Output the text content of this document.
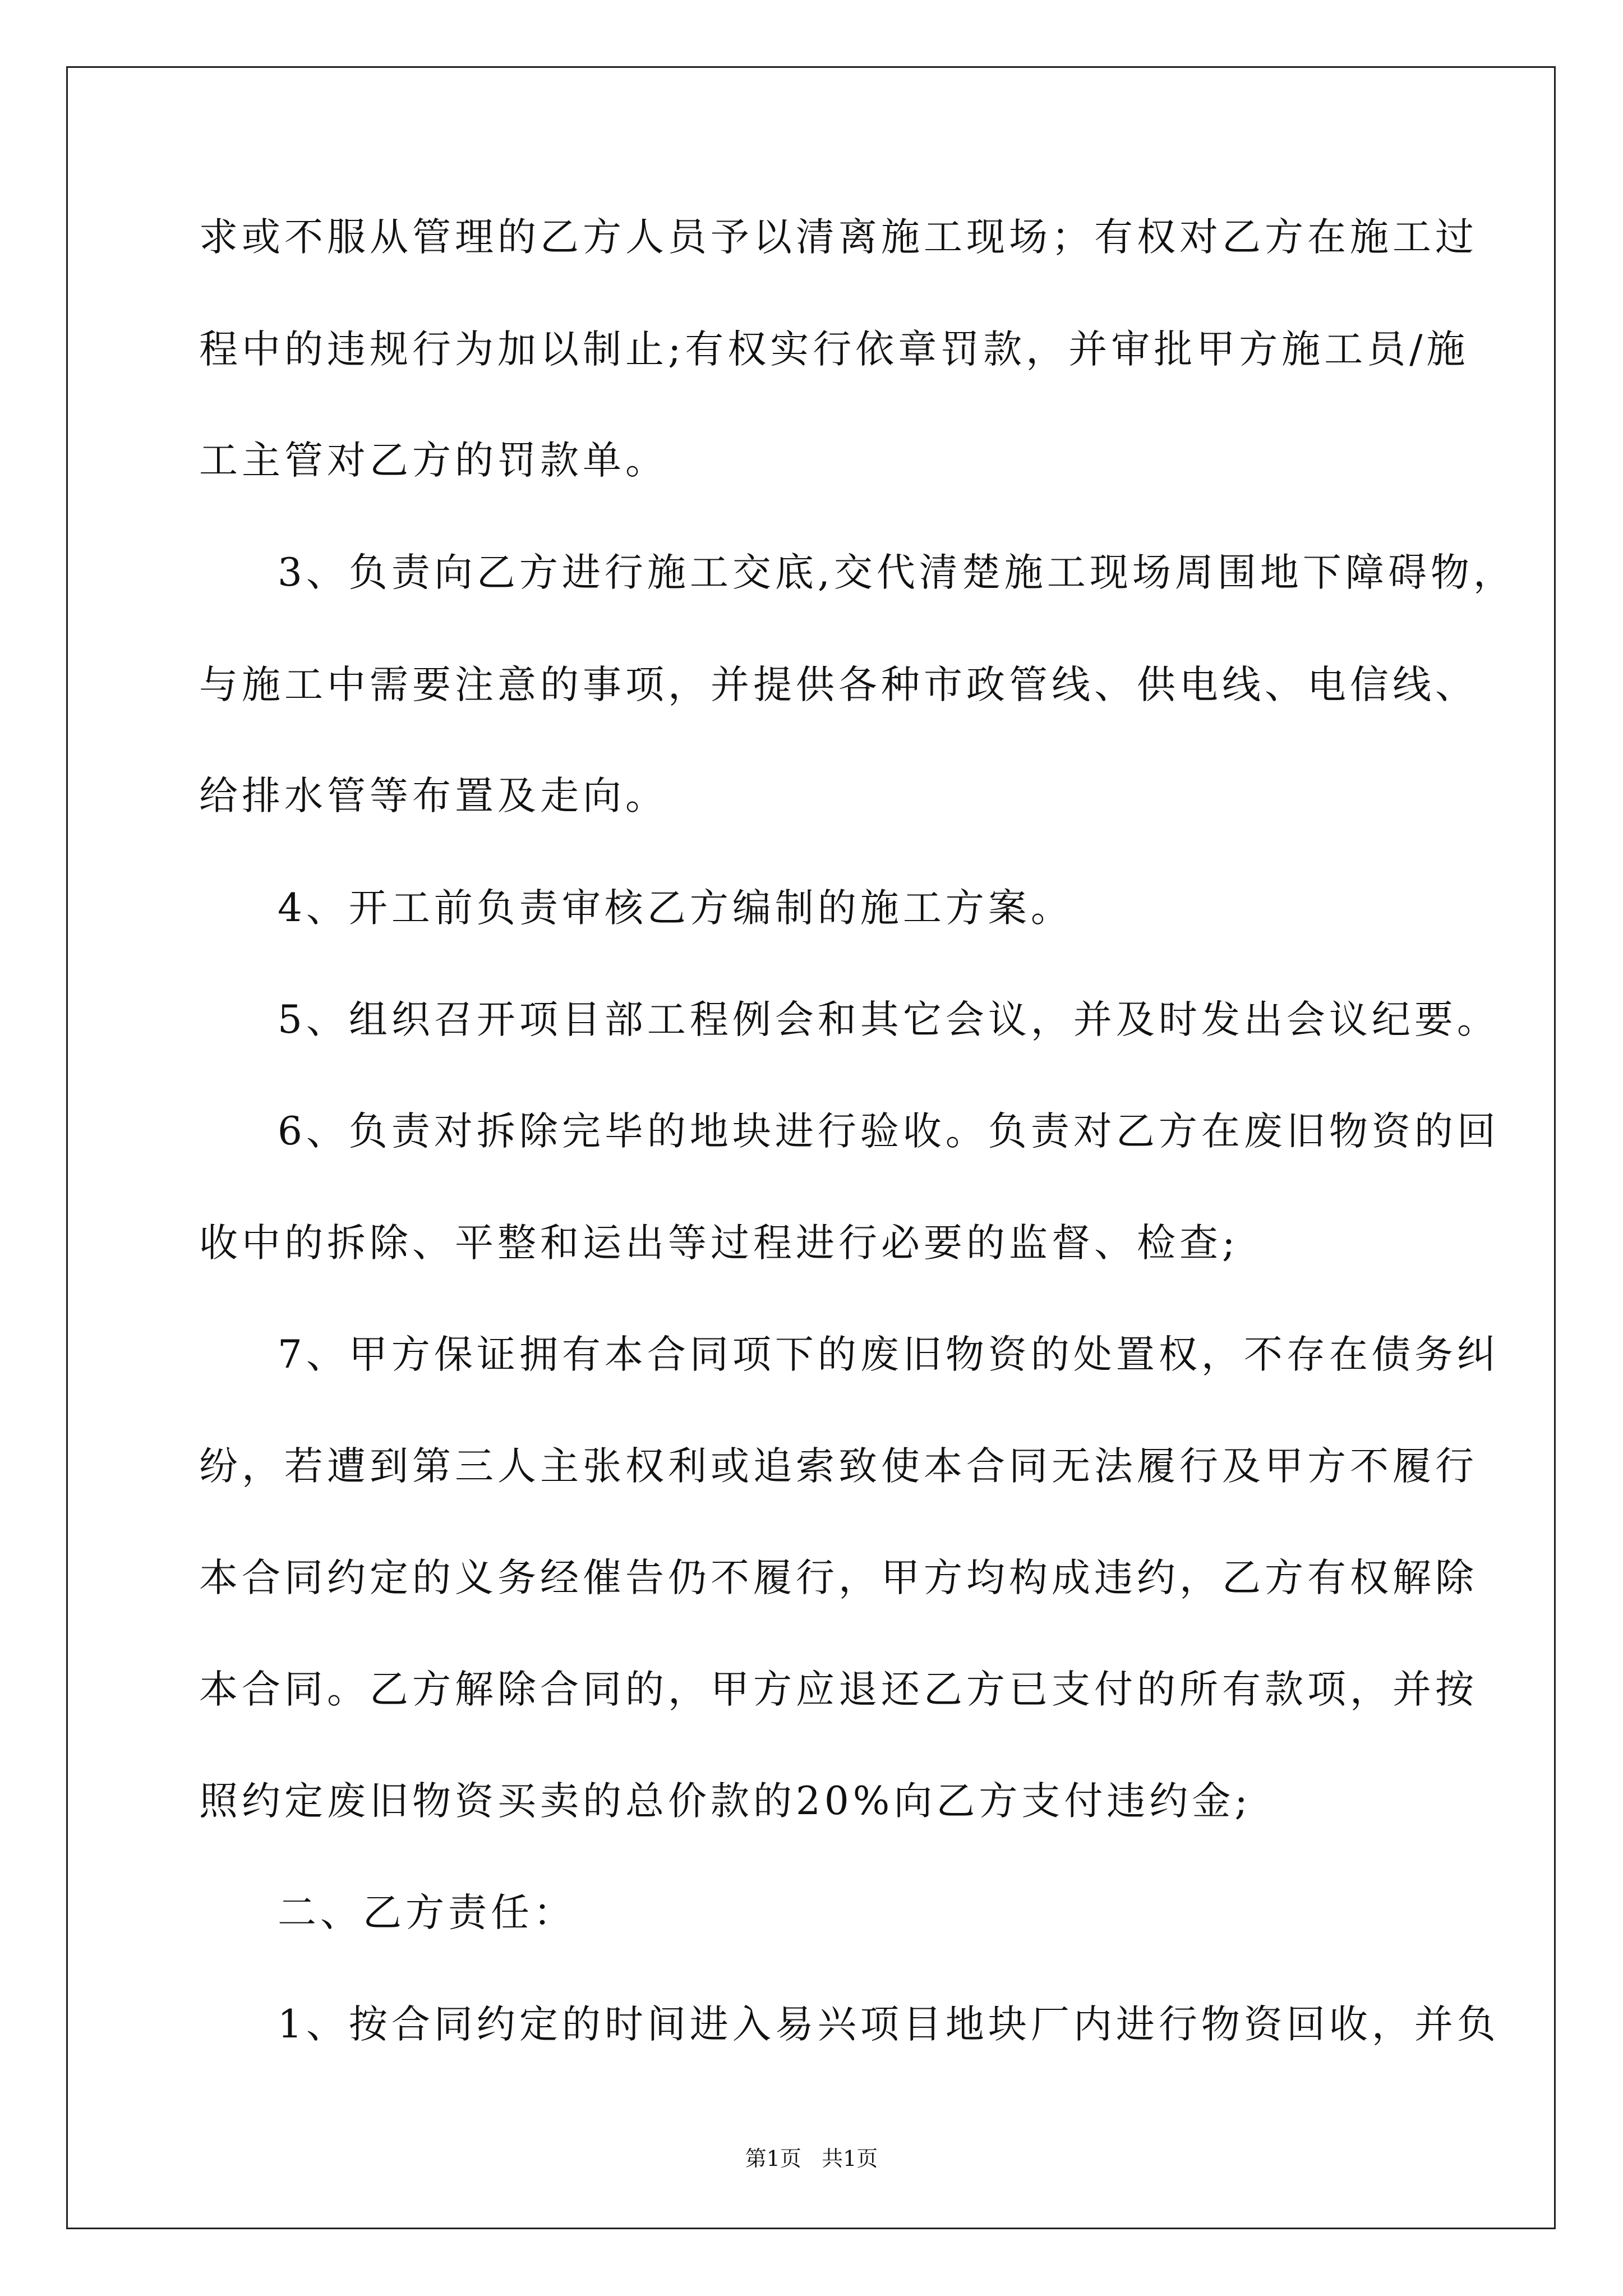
求或不服从管理的乙方人员予以清离施工现场；有权对乙方在施工过
程中的违规行为加以制止;有权实行依章罚款，并审批甲方施工员/施
工主管对乙方的罚款单。
3、负责向乙方进行施工交底,交代清楚施工现场周围地下障碍物，
与施工中需要注意的事项，并提供各种市政管线、供电线、电信线、
给排水管等布置及走向。
4、开工前负责审核乙方编制的施工方案。
5、组织召开项目部工程例会和其它会议，并及时发出会议纪要。
6、负责对拆除完毕的地块进行验收。负责对乙方在废旧物资的回
收中的拆除、平整和运出等过程进行必要的监督、检查;
7、甲方保证拥有本合同项下的废旧物资的处置权，不存在债务纠
纷，若遭到第三人主张权利或追索致使本合同无法履行及甲方不履行
本合同约定的义务经催告仍不履行，甲方均构成违约，乙方有权解除
本合同。乙方解除合同的，甲方应退还乙方已支付的所有款项，并按
照约定废旧物资买卖的总价款的20%向乙方支付违约金;
二、乙方责任：
1、按合同约定的时间进入易兴项目地块厂内进行物资回收，并负
第1页   共1页
